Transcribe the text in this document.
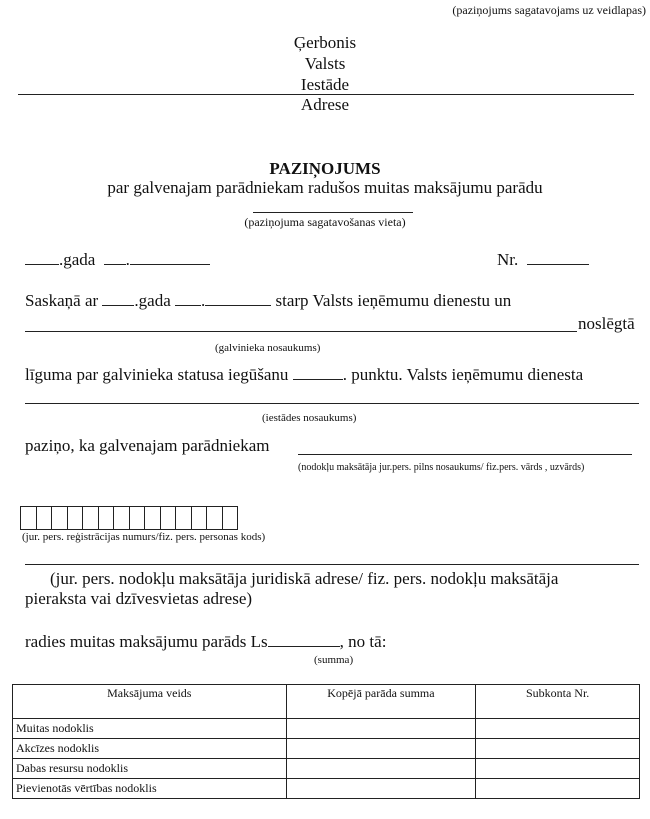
(paziņojums sagatavojams uz veidlapas)
Ģerbonis
Valsts
Iestāde
Adrese
PAZIŅOJUMS
par galvenajam parādniekam radušos muitas maksājumu parādu
(paziņojuma sagatavošanas vieta)
.gada .	Nr.
Saskaņā ar .gada .	starp Valsts ieņēmumu dienestu un
noslēgtā
(galvinieka nosaukums)
līguma par galvinieka statusa iegūšanu	. punktu. Valsts ieņēmumu dienesta
(iestādes nosaukums)
paziņo, ka galvenajam parādniekam
(nodokļu maksātāja jur.pers. pilns nosaukums/ fiz.pers. vārds , uzvārds)
(jur. pers. reģistrācijas numurs/fiz. pers. personas kods)
(jur. pers. nodokļu maksātāja juridiskā adrese/ fiz. pers. nodokļu maksātāja
pieraksta vai dzīvesvietas adrese)
radies muitas maksājumu parāds Ls	, no tā:
(summa)
Maksājuma veids	Kopējā parāda summa	Subkonta Nr.
Muitas nodoklis		
Akcīzes nodoklis		
Dabas resursu nodoklis		
Pievienotās vērtības nodoklis		
